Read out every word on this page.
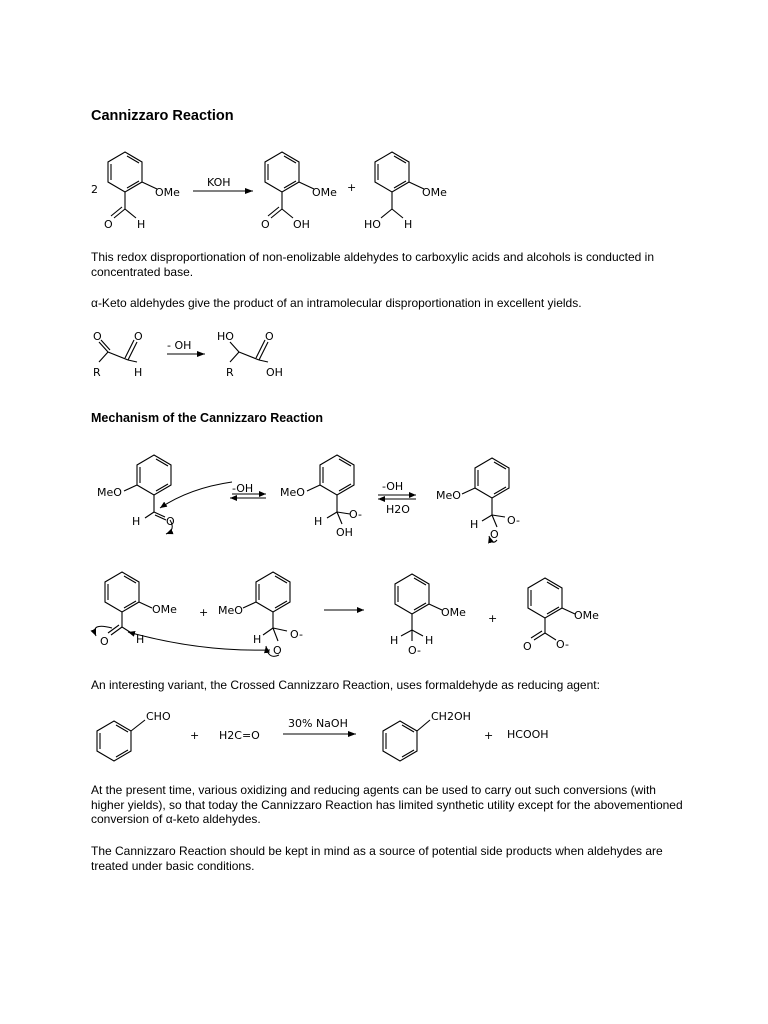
Cannizzaro Reaction
2	OMe
O H
KOH
OMe
O OH
+	OMe
HO H

This redox disproportionation of non-enolizable aldehydes to carboxylic acids and alcohols is conducted in concentrated base.

α-Keto aldehydes give the product of an intramolecular disproportionation in excellent yields.

O	O
R	H
- OH
HO	O
R	OH
Mechanism of the Cannizzaro Reaction
MeO
H O
-OH MeO
H
O-
OH
-OH
H2O
MeO
H	O-
O
OMe
O H
+ MeO
H	O-
O
OMe
H H
O-
+	OMe
O O-

An interesting variant, the Crossed Cannizzaro Reaction, uses formaldehyde as reducing agent:

CHO
+ H2C=O
30% NaOH
CH2OH
+ HCOOH

At the present time, various oxidizing and reducing agents can be used to carry out such conversions (with higher yields), so that today the Cannizzaro Reaction has limited synthetic utility except for the abovementioned conversion of α-keto aldehydes.

The Cannizzaro Reaction should be kept in mind as a source of potential side products when aldehydes are treated under basic conditions.
